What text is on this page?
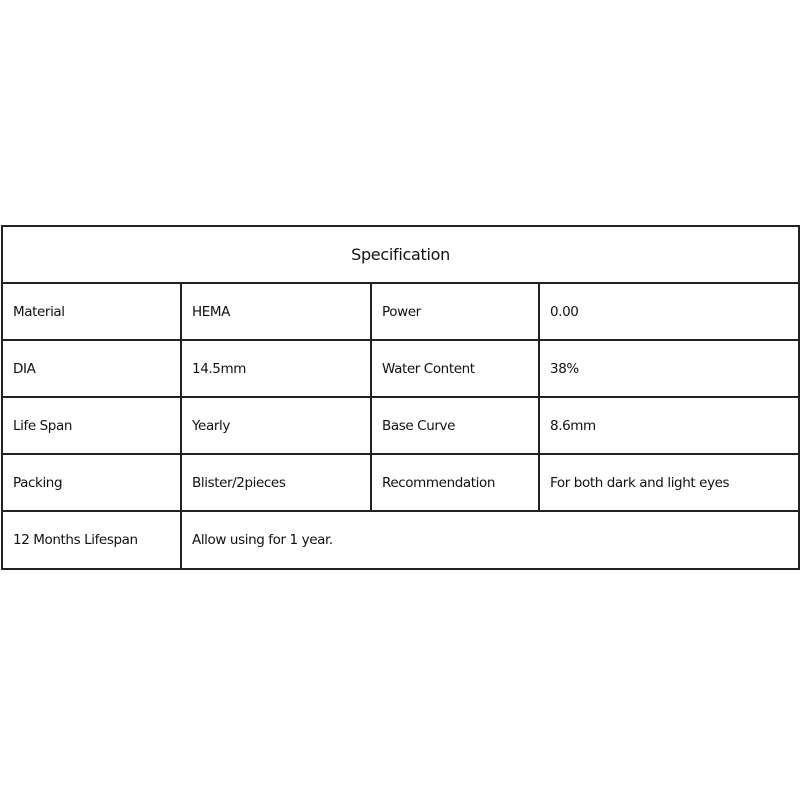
Specification			
Material	HEMA	Power	0.00
DIA	14.5mm	Water Content	38%
Life Span	Yearly	Base Curve	8.6mm
Packing	Blister/2pieces	Recommendation	For both dark and light eyes
12 Months Lifespan	Allow using for 1 year.		
